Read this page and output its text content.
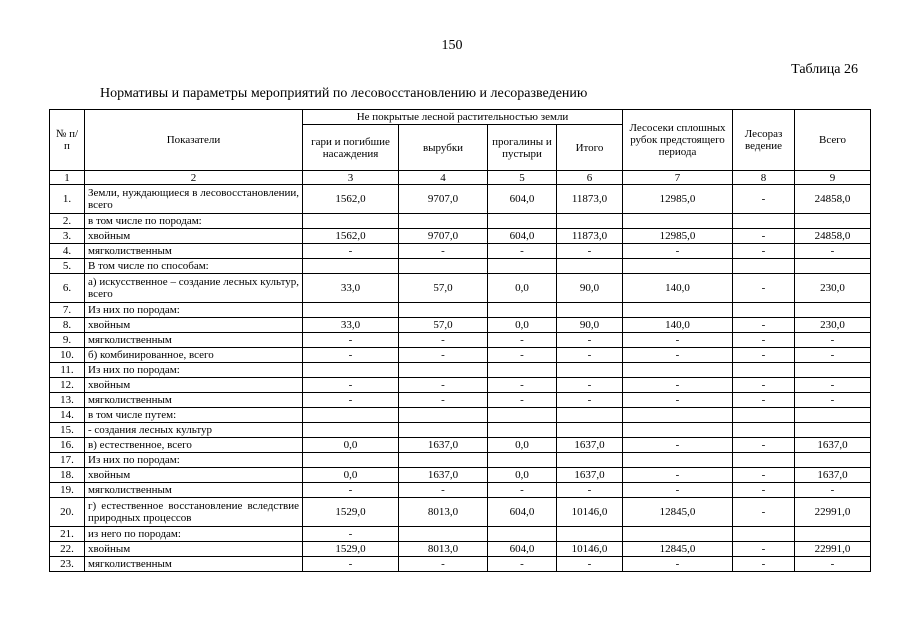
150
Таблица 26
Нормативы и параметры мероприятий по лесовосстановлению и лесоразведению
№ п/п	Показатели	Не покрытые лесной растительностью земли				Лесосеки сплошных рубок предстоящего периода	Лесораз ведение	Всего
		гари и погибшие насаждения	вырубки	прогалины и пустыри	Итого			
1	2	3	4	5	6	7	8	9
1.	Земли, нуждающиеся в лесовосстановлении, всего	1562,0	9707,0	604,0	11873,0	12985,0	-	24858,0
2.	в том числе по породам:							
3.	хвойным	1562,0	9707,0	604,0	11873,0	12985,0	-	24858,0
4.	мягколиственным	-	-	-	-	-	-	-
5.	В том числе по способам:							
6.	а) искусственное – создание лесных культур, всего	33,0	57,0	0,0	90,0	140,0	-	230,0
7.	Из них по породам:							
8.	хвойным	33,0	57,0	0,0	90,0	140,0	-	230,0
9.	мягколиственным	-	-	-	-	-	-	-
10.	б) комбинированное, всего	-	-	-	-	-	-	-
11.	Из них по породам:							
12.	хвойным	-	-	-	-	-	-	-
13.	мягколиственным	-	-	-	-	-	-	-
14.	в том числе путем:							
15.	- создания лесных культур							
16.	в) естественное, всего	0,0	1637,0	0,0	1637,0	-	-	1637,0
17.	Из них по породам:							
18.	хвойным	0,0	1637,0	0,0	1637,0	-	-	1637,0
19.	мягколиственным	-	-	-	-	-	-	-
20.	г) естественное восстановление вследствие природных процессов	1529,0	8013,0	604,0	10146,0	12845,0	-	22991,0
21.	из него по породам:	-						
22.	хвойным	1529,0	8013,0	604,0	10146,0	12845,0	-	22991,0
23.	мягколиственным	-	-	-	-	-	-	-
